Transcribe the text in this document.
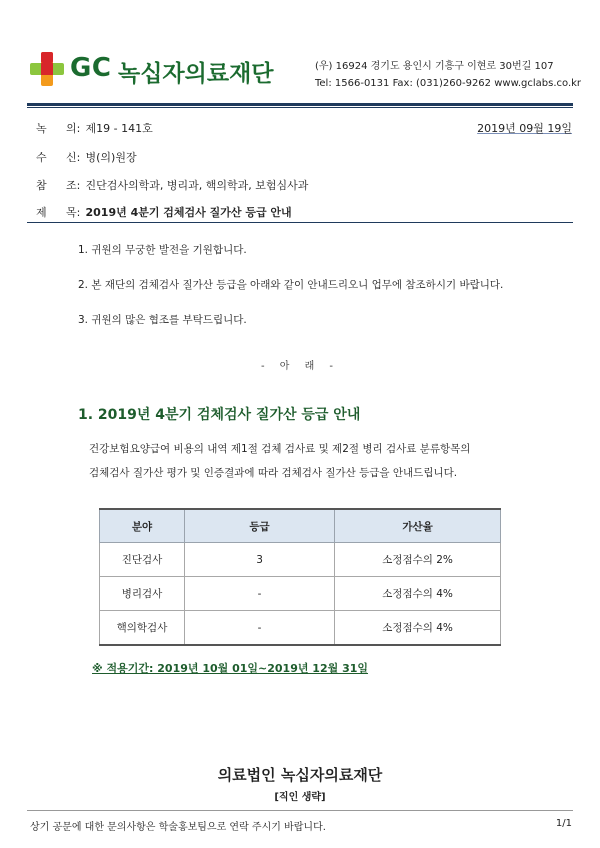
GC 녹십자의료재단	(우) 16924 경기도 용인시 기흥구 이현로 30번길 107
Tel: 1566-0131 Fax: (031)260-9262 www.gclabs.co.kr
녹 의: 제19 - 141호	2019년 09월 19일
수 신: 병(의)원장
참 조: 진단검사의학과, 병리과, 핵의학과, 보험심사과
제 목: 2019년 4분기 검체검사 질가산 등급 안내
1. 귀원의 무궁한 발전을 기원합니다.
2. 본 재단의 검체검사 질가산 등급을 아래와 같이 안내드리오니 업무에 참조하시기 바랍니다.
3. 귀원의 많은 협조를 부탁드립니다.
- 아 래 -
1. 2019년 4분기 검체검사 질가산 등급 안내
건강보험요양급여 비용의 내역 제1절 검체 검사료 및 제2절 병리 검사료 분류항목의
검체검사 질가산 평가 및 인증결과에 따라 검체검사 질가산 등급을 안내드립니다.
분야	등급	가산율
진단검사	3	소정점수의 2%
병리검사	-	소정점수의 4%
핵의학검사	-	소정점수의 4%
※ 적용기간: 2019년 10월 01일~2019년 12월 31일
의료법인 녹십자의료재단
[직인 생략]
상기 공문에 대한 문의사항은 학술홍보팀으로 연락 주시기 바랍니다.	1/1
